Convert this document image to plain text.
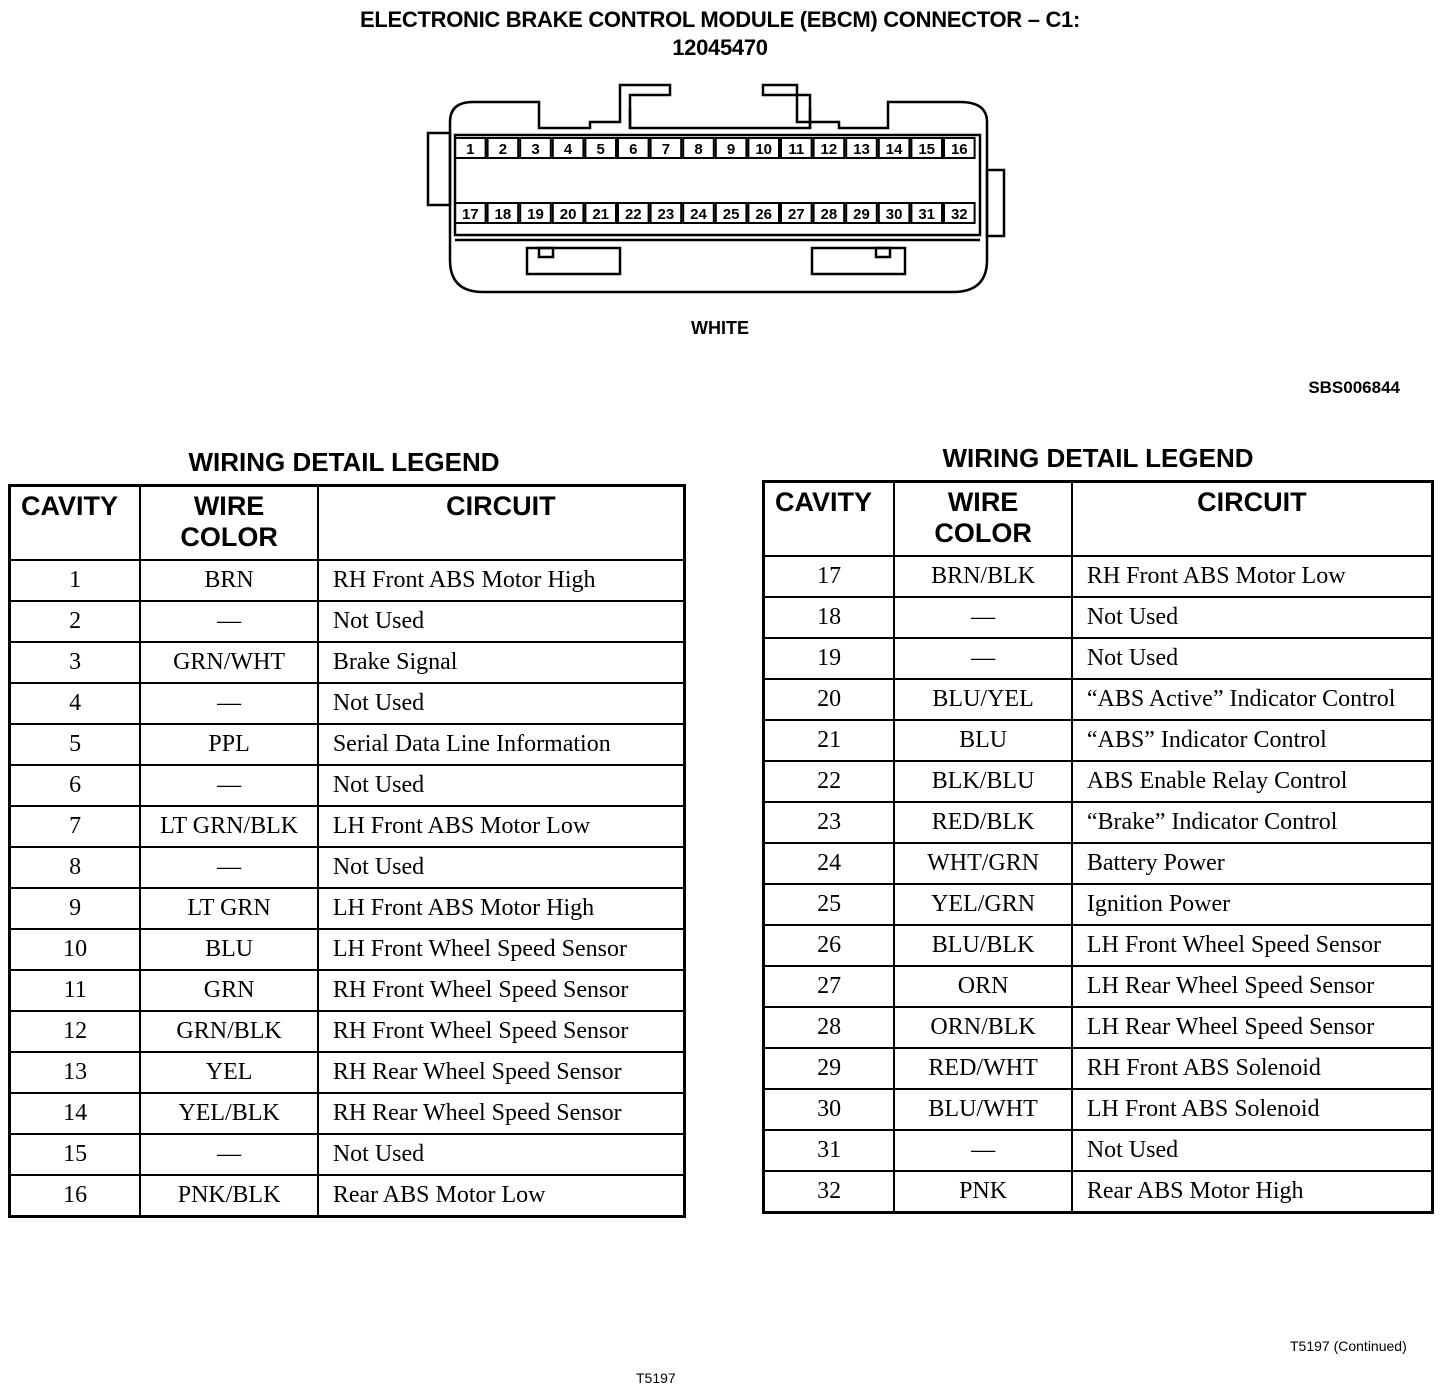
ELECTRONIC BRAKE CONTROL MODULE (EBCM) CONNECTOR – C1:
12045470
1 2 3 4 5 6 7 8 9 10 11 12 13 14 15 16
17 18 19 20 21 22 23 24 25 26 27 28 29 30 31 32
WHITE
SBS006844
WIRING DETAIL LEGEND
CAVITY	WIRE COLOR	CIRCUIT
1	BRN	RH Front ABS Motor High
2	—	Not Used
3	GRN/WHT	Brake Signal
4	—	Not Used
5	PPL	Serial Data Line Information
6	—	Not Used
7	LT GRN/BLK	LH Front ABS Motor Low
8	—	Not Used
9	LT GRN	LH Front ABS Motor High
10	BLU	LH Front Wheel Speed Sensor
11	GRN	RH Front Wheel Speed Sensor
12	GRN/BLK	RH Front Wheel Speed Sensor
13	YEL	RH Rear Wheel Speed Sensor
14	YEL/BLK	RH Rear Wheel Speed Sensor
15	—	Not Used
16	PNK/BLK	Rear ABS Motor Low
T5197
WIRING DETAIL LEGEND
CAVITY	WIRE COLOR	CIRCUIT
17	BRN/BLK	RH Front ABS Motor Low
18	—	Not Used
19	—	Not Used
20	BLU/YEL	“ABS Active” Indicator Control
21	BLU	“ABS” Indicator Control
22	BLK/BLU	ABS Enable Relay Control
23	RED/BLK	“Brake” Indicator Control
24	WHT/GRN	Battery Power
25	YEL/GRN	Ignition Power
26	BLU/BLK	LH Front Wheel Speed Sensor
27	ORN	LH Rear Wheel Speed Sensor
28	ORN/BLK	LH Rear Wheel Speed Sensor
29	RED/WHT	RH Front ABS Solenoid
30	BLU/WHT	LH Front ABS Solenoid
31	—	Not Used
32	PNK	Rear ABS Motor High
T5197 (Continued)
